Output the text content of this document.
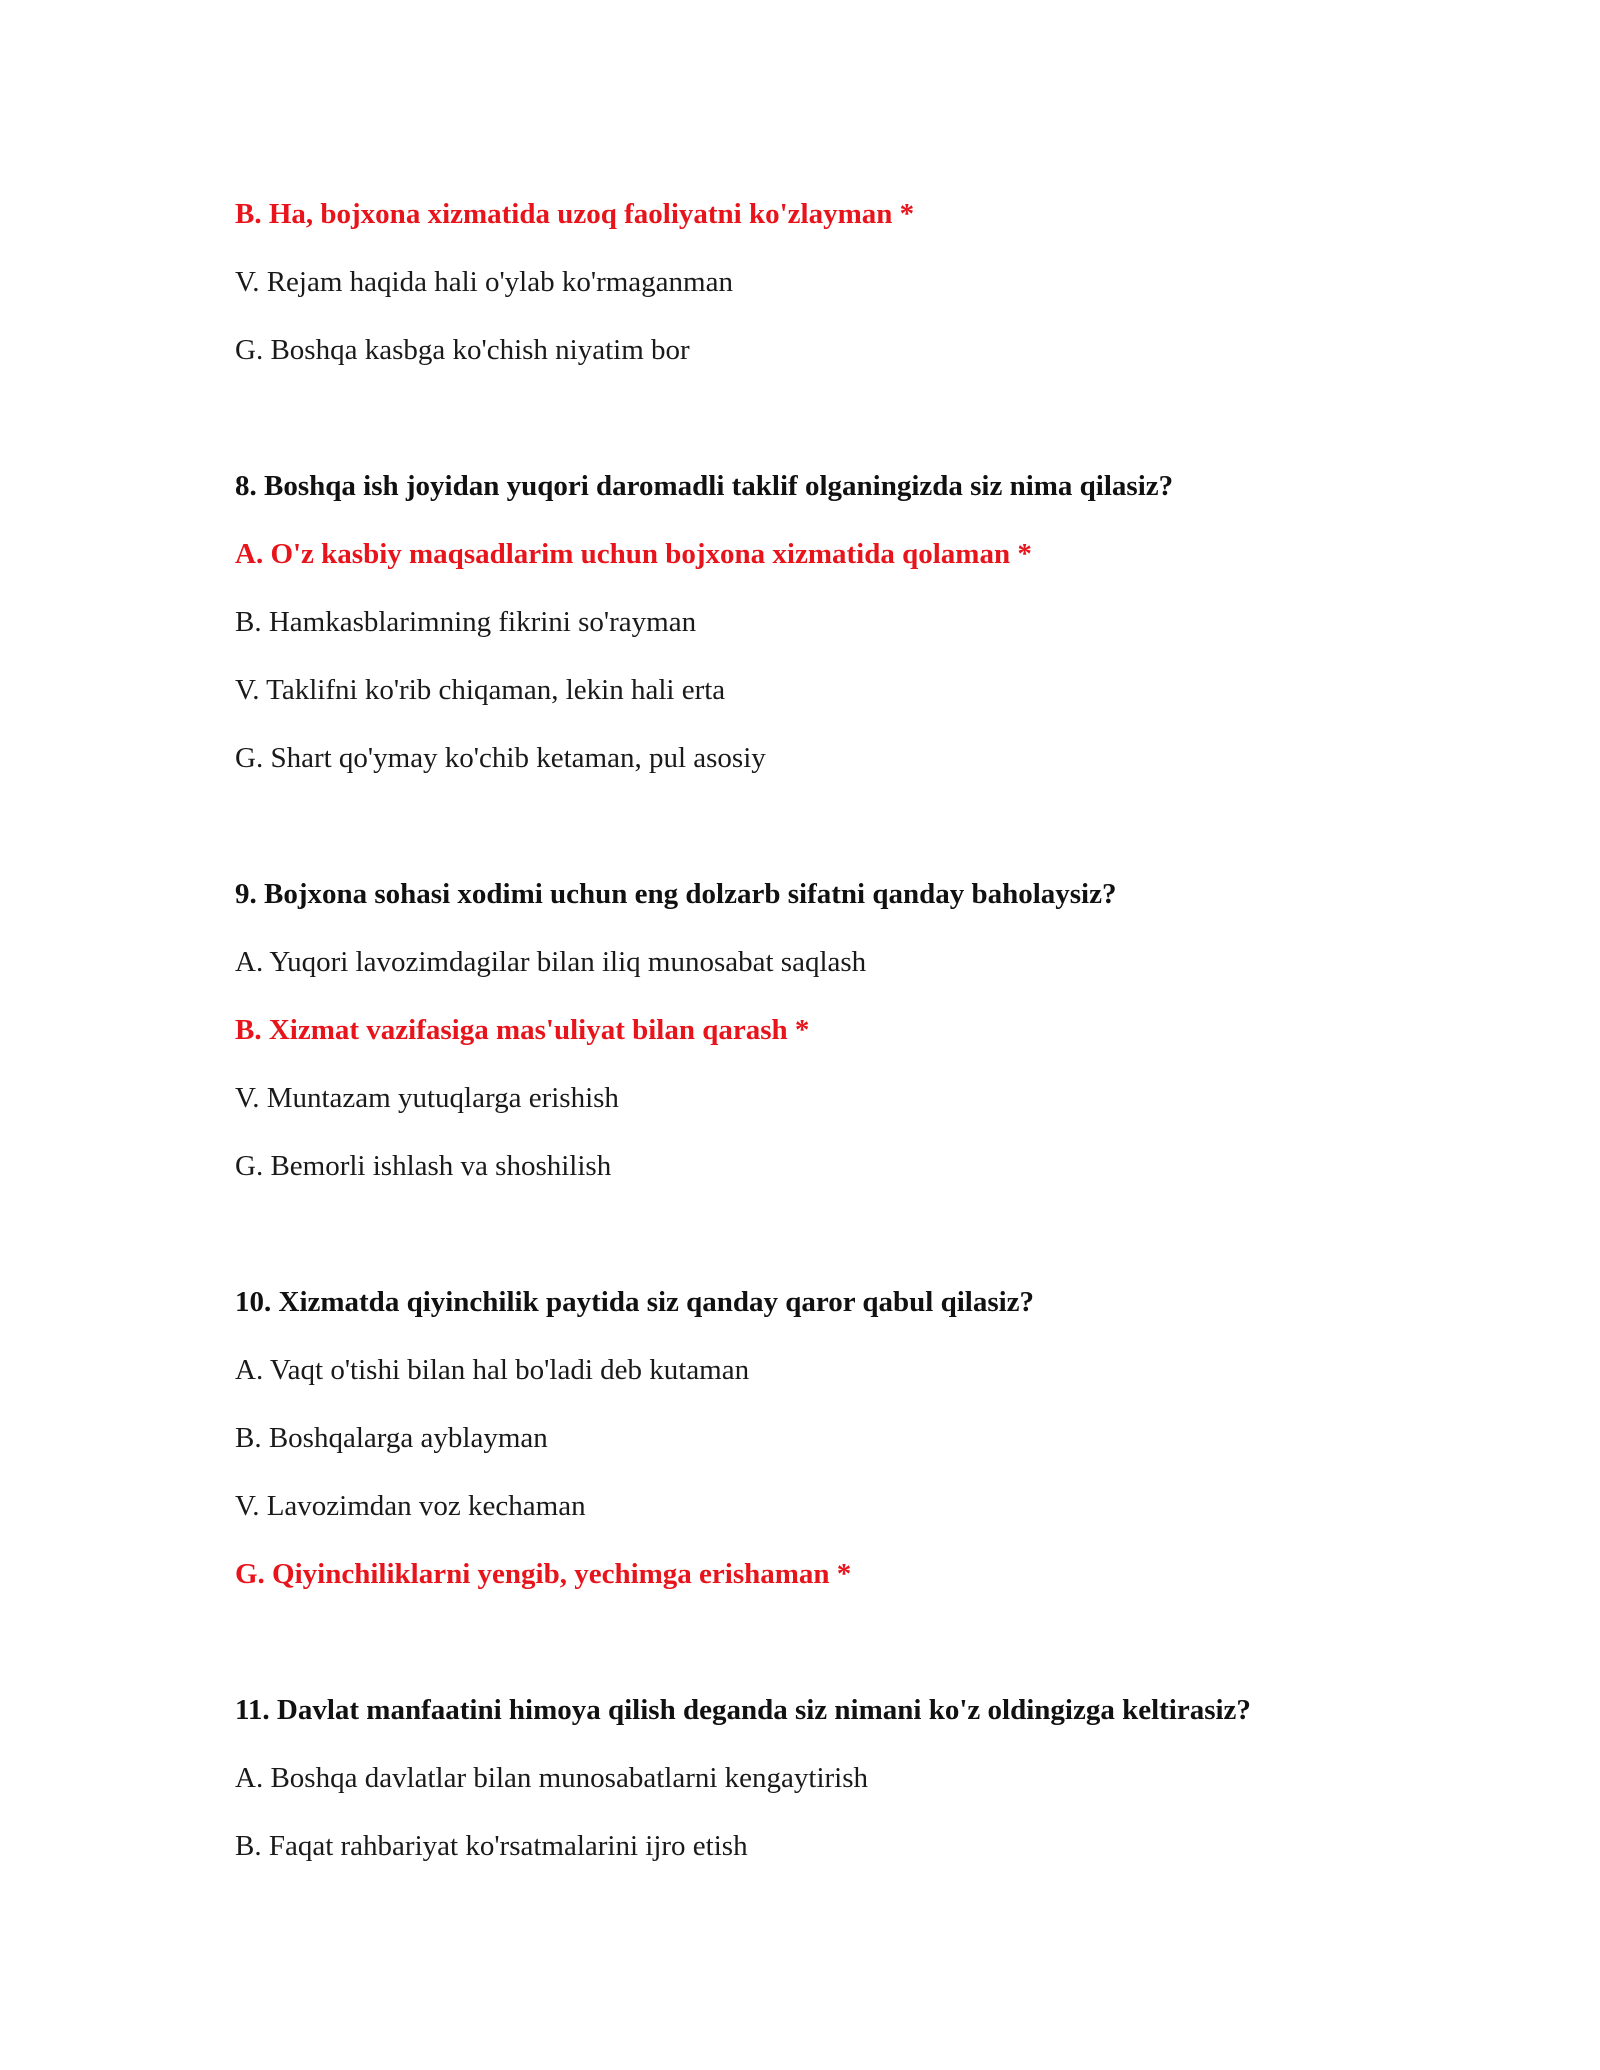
B. Ha, bojxona xizmatida uzoq faoliyatni ko'zlayman *
V. Rejam haqida hali o'ylab ko'rmaganman
G. Boshqa kasbga ko'chish niyatim bor
8. Boshqa ish joyidan yuqori daromadli taklif olganingizda siz nima qilasiz?
A. O'z kasbiy maqsadlarim uchun bojxona xizmatida qolaman *
B. Hamkasblarimning fikrini so'rayman
V. Taklifni ko'rib chiqaman, lekin hali erta
G. Shart qo'ymay ko'chib ketaman, pul asosiy
9. Bojxona sohasi xodimi uchun eng dolzarb sifatni qanday baholaysiz?
A. Yuqori lavozimdagilar bilan iliq munosabat saqlash
B. Xizmat vazifasiga mas'uliyat bilan qarash *
V. Muntazam yutuqlarga erishish
G. Bemorli ishlash va shoshilish
10. Xizmatda qiyinchilik paytida siz qanday qaror qabul qilasiz?
A. Vaqt o'tishi bilan hal bo'ladi deb kutaman
B. Boshqalarga ayblayman
V. Lavozimdan voz kechaman
G. Qiyinchiliklarni yengib, yechimga erishaman *
11. Davlat manfaatini himoya qilish deganda siz nimani ko'z oldingizga keltirasiz?
A. Boshqa davlatlar bilan munosabatlarni kengaytirish
B. Faqat rahbariyat ko'rsatmalarini ijro etish
